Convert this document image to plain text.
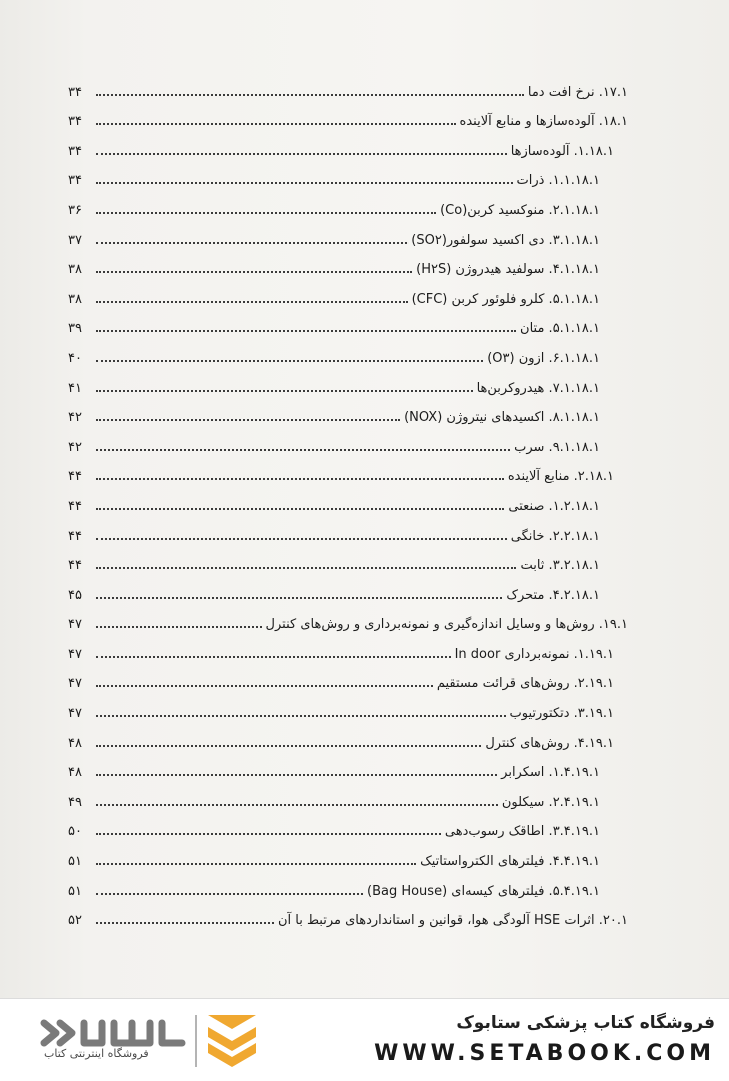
۱۷.۱. نرخ افت دما
۳۴
۱۸.۱. آلوده‌سازها و منابع آلاینده
۳۴
۱.۱۸.۱. آلوده‌سازها
۳۴
۱.۱.۱۸.۱. ذرات
۳۴
۲.۱.۱۸.۱. منوکسید کربن(Co)
۳۶
۳.۱.۱۸.۱. دی اکسید سولفور(SO۲)
۳۷
۴.۱.۱۸.۱. سولفید هیدروژن (H۲S)
۳۸
۵.۱.۱۸.۱. کلرو فلوئور کربن (CFC)
۳۸
۵.۱.۱۸.۱. متان
۳۹
۶.۱.۱۸.۱. ازون (O۳)
۴۰
۷.۱.۱۸.۱. هیدروکربن‌ها
۴۱
۸.۱.۱۸.۱. اکسیدهای نیتروژن (NOX)
۴۲
۹.۱.۱۸.۱. سرب
۴۲
۲.۱۸.۱. منابع آلاینده
۴۴
۱.۲.۱۸.۱. صنعتی
۴۴
۲.۲.۱۸.۱. خانگی
۴۴
۳.۲.۱۸.۱. ثابت
۴۴
۴.۲.۱۸.۱. متحرک
۴۵
۱۹.۱. روش‌ها و وسایل اندازه‌گیری و نمونه‌برداری و روش‌های کنترل
۴۷
۱.۱۹.۱. نمونه‌برداری In door
۴۷
۲.۱۹.۱. روش‌های قرائت مستقیم
۴۷
۳.۱۹.۱. دتکتورتیوب
۴۷
۴.۱۹.۱. روش‌های کنترل
۴۸
۱.۴.۱۹.۱. اسکرابر
۴۸
۲.۴.۱۹.۱. سیکلون
۴۹
۳.۴.۱۹.۱. اطاقک رسوب‌دهی
۵۰
۴.۴.۱۹.۱. فیلترهای الکترواستاتیک
۵۱
۵.۴.۱۹.۱. فیلترهای کیسه‌ای (Bag House)
۵۱
۲۰.۱. اثرات HSE آلودگی هوا، قوانین و استانداردهای مرتبط با آن
۵۲
فروشگاه اینترنتی کتاب
فروشگاه کتاب پزشکی ستابوک
WWW.SETABOOK.COM
